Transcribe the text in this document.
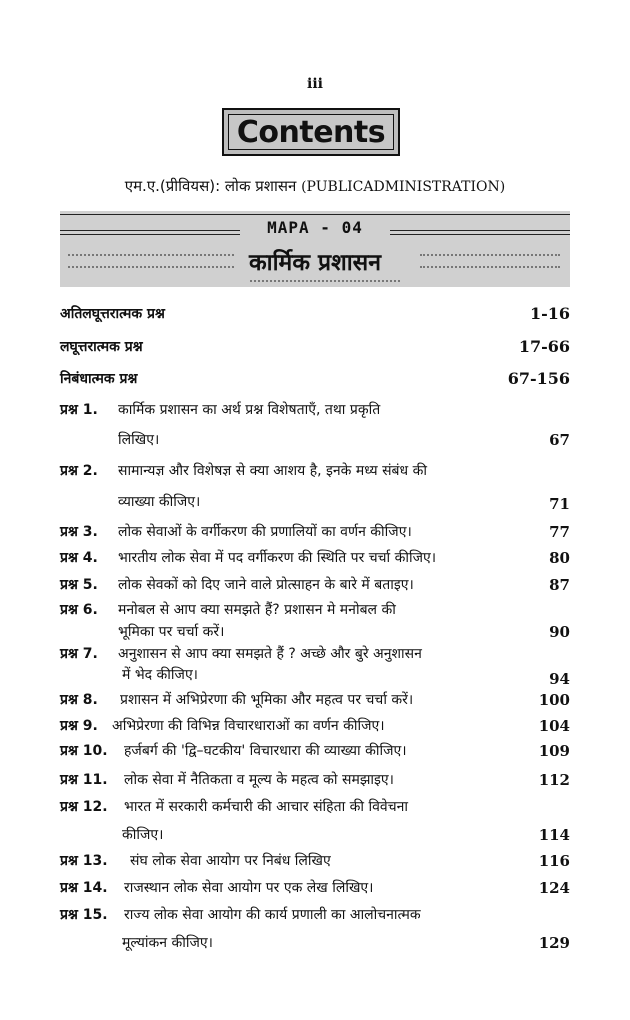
iii
Contents
एम.ए.(प्रीवियस): लोक प्रशासन (PUBLICADMINISTRATION)
MAPA - 04
कार्मिक प्रशासन
अतिलघूत्तरात्मक प्रश्न	1-16
लघूत्तरात्मक प्रश्न	17-66
निबंधात्मक प्रश्न	67-156
प्रश्न 1. कार्मिक प्रशासन का अर्थ प्रश्न विशेषताएँ, तथा प्रकृति
लिखिए।	67
प्रश्न 2. सामान्यज्ञ और विशेषज्ञ से क्या आशय है, इनके मध्य संबंध की
व्याख्या कीजिए।	71
प्रश्न 3. लोक सेवाओं के वर्गीकरण की प्रणालियों का वर्णन कीजिए।	77
प्रश्न 4. भारतीय लोक सेवा में पद वर्गीकरण की स्थिति पर चर्चा कीजिए।	80
प्रश्न 5. लोक सेवकों को दिए जाने वाले प्रोत्साहन के बारे में बताइए।	87
प्रश्न 6. मनोबल से आप क्या समझते हैं? प्रशासन मे मनोबल की
भूमिका पर चर्चा करें।	90
प्रश्न 7. अनुशासन से आप क्या समझते हैं ? अच्छे और बुरे अनुशासन
में भेद कीजिए।	94
प्रश्न 8. प्रशासन में अभिप्रेरणा की भूमिका और महत्व पर चर्चा करें।	100
प्रश्न 9. अभिप्रेरणा की विभिन्न विचारधाराओं का वर्णन कीजिए।	104
प्रश्न 10. हर्जबर्ग की 'द्वि–घटकीय' विचारधारा की व्याख्या कीजिए।	109
प्रश्न 11. लोक सेवा में नैतिकता व मूल्य के महत्व को समझाइए।	112
प्रश्न 12. भारत में सरकारी कर्मचारी की आचार संहिता की विवेचना
कीजिए।	114
प्रश्न 13. संघ लोक सेवा आयोग पर निबंध लिखिए	116
प्रश्न 14. राजस्थान लोक सेवा आयोग पर एक लेख लिखिए।	124
प्रश्न 15. राज्य लोक सेवा आयोग की कार्य प्रणाली का आलोचनात्मक
मूल्यांकन कीजिए।	129
